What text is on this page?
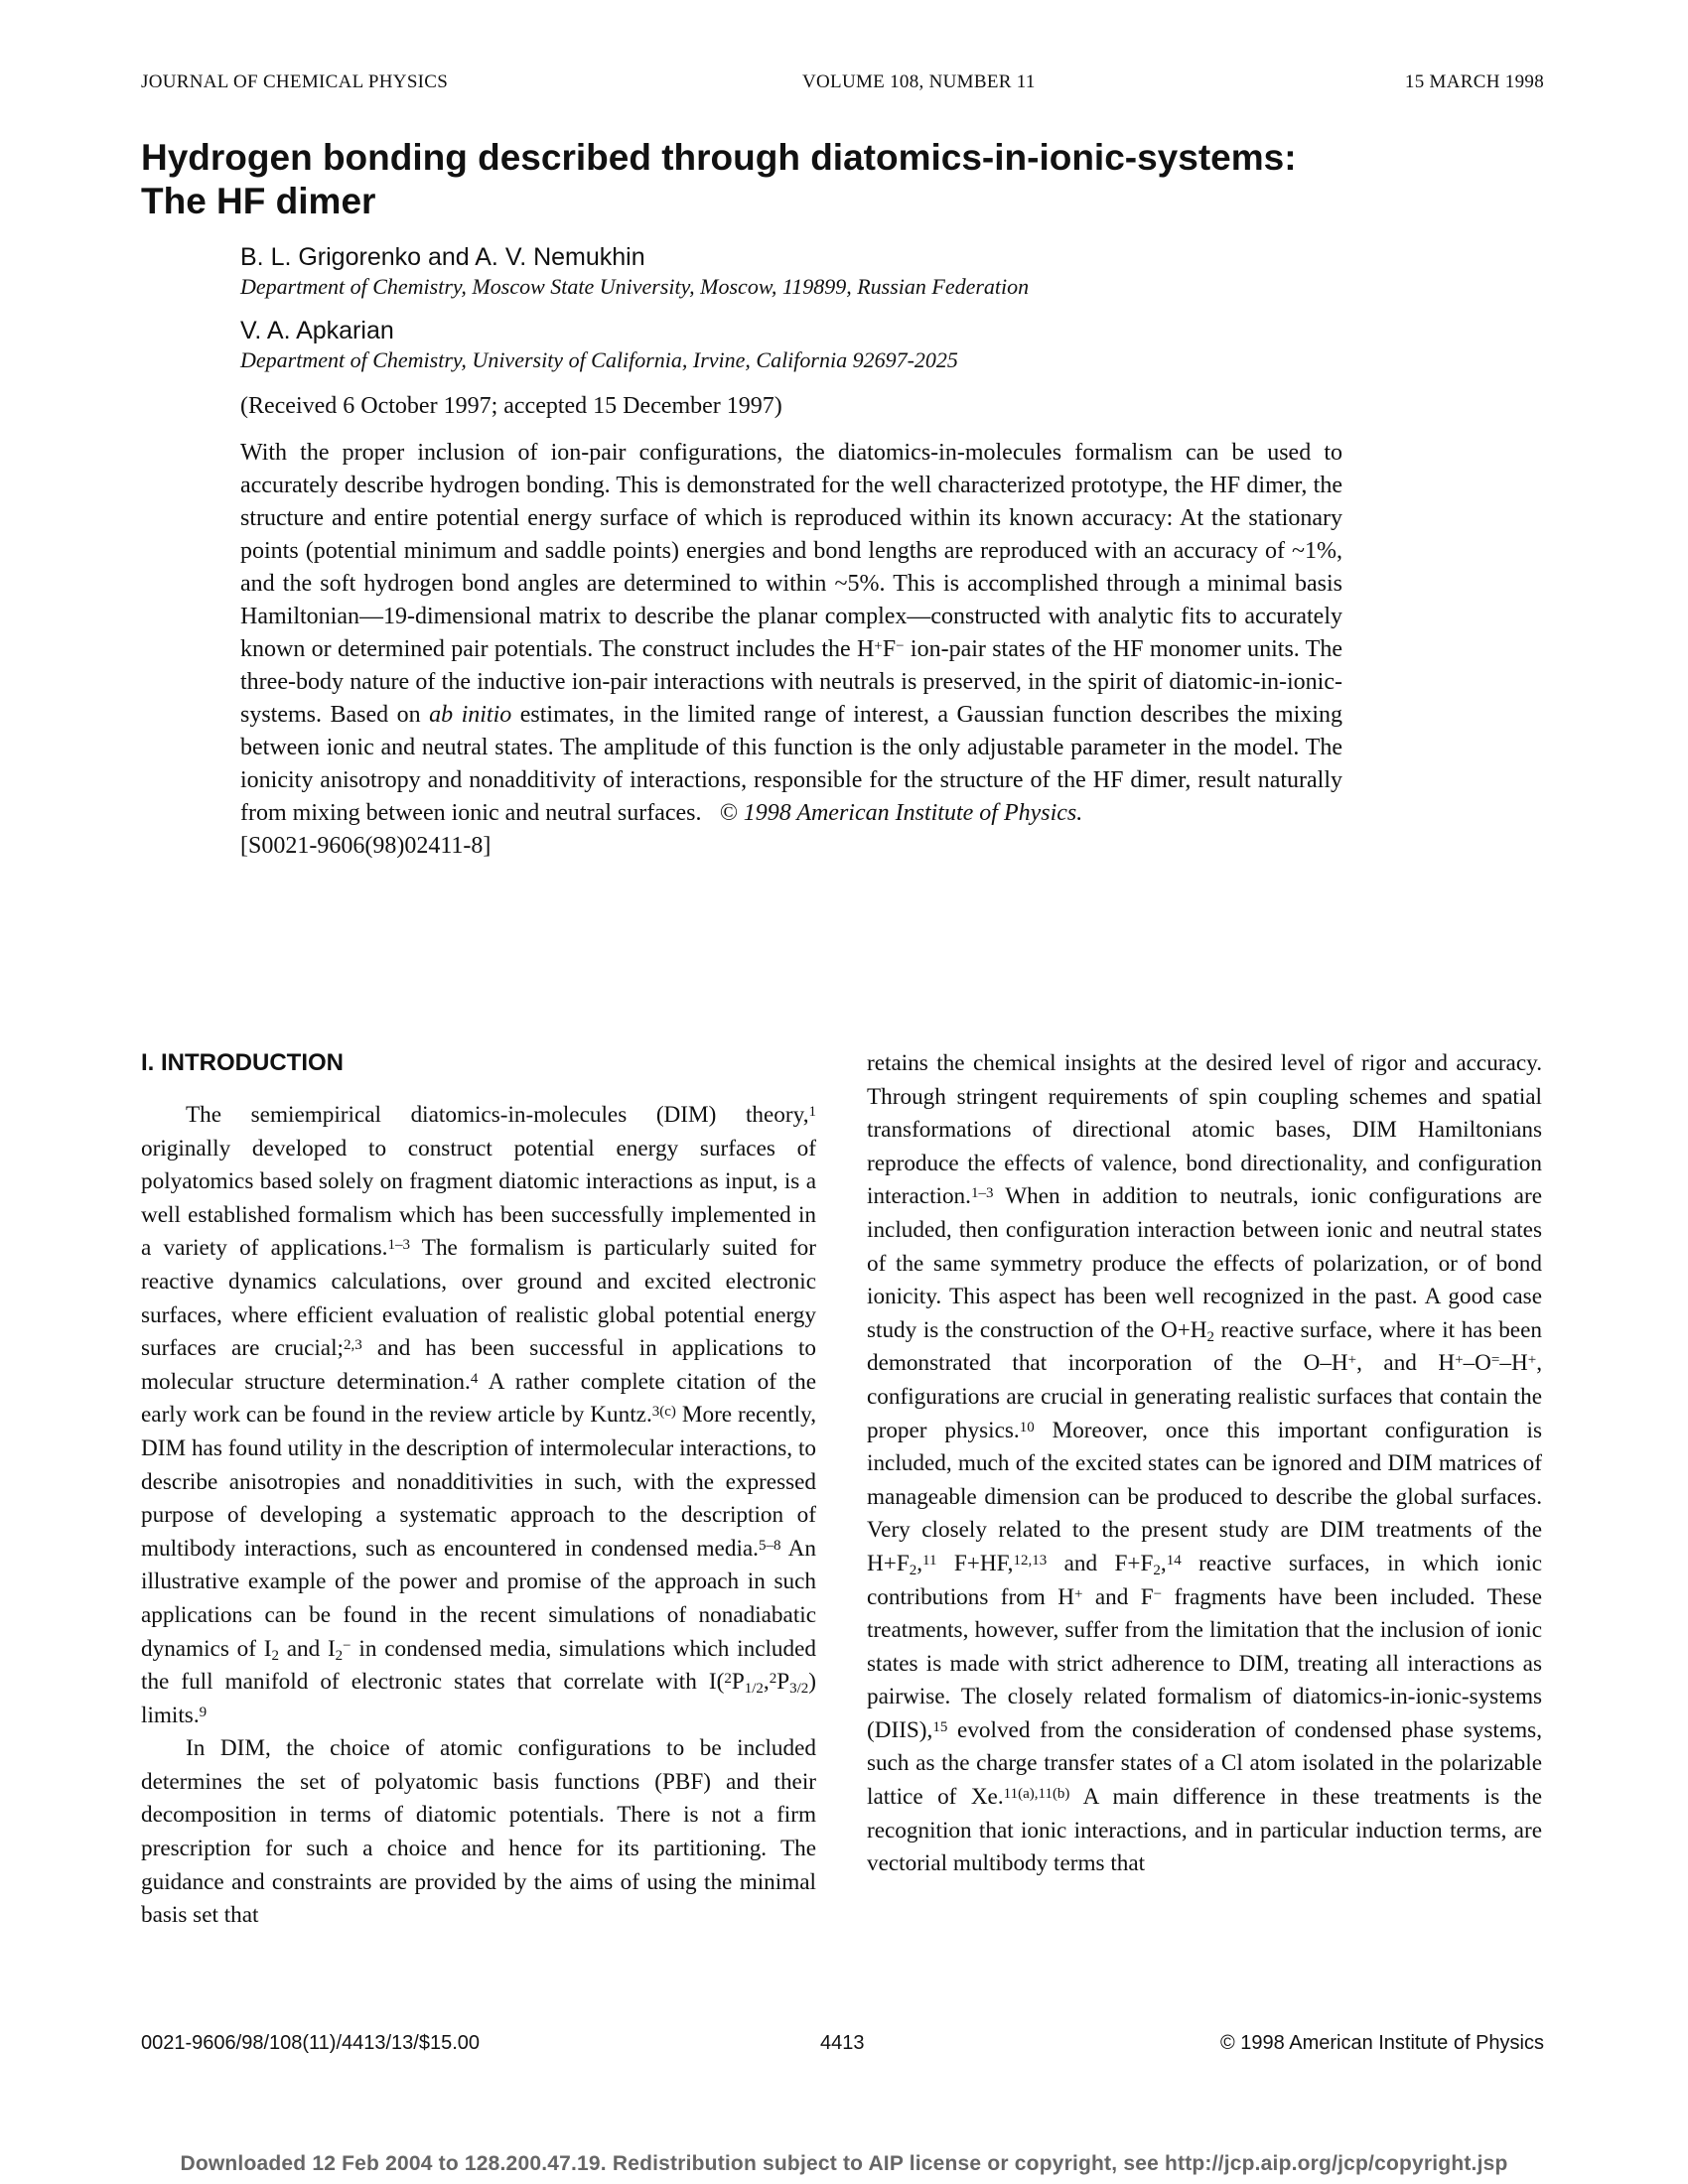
JOURNAL OF CHEMICAL PHYSICS	VOLUME 108, NUMBER 11	15 MARCH 1998
Hydrogen bonding described through diatomics-in-ionic-systems:
The HF dimer
B. L. Grigorenko and A. V. Nemukhin
Department of Chemistry, Moscow State University, Moscow, 119899, Russian Federation
V. A. Apkarian
Department of Chemistry, University of California, Irvine, California 92697-2025
(Received 6 October 1997; accepted 15 December 1997)

With the proper inclusion of ion-pair configurations, the diatomics-in-molecules formalism can be used to accurately describe hydrogen bonding. This is demonstrated for the well characterized prototype, the HF dimer, the structure and entire potential energy surface of which is reproduced within its known accuracy: At the stationary points (potential minimum and saddle points) energies and bond lengths are reproduced with an accuracy of ~1%, and the soft hydrogen bond angles are determined to within ~5%. This is accomplished through a minimal basis Hamiltonian—19-dimensional matrix to describe the planar complex—constructed with analytic fits to accurately known or determined pair potentials. The construct includes the H+F− ion-pair states of the HF monomer units. The three-body nature of the inductive ion-pair interactions with neutrals is preserved, in the spirit of diatomic-in-ionic-systems. Based on ab initio estimates, in the limited range of interest, a Gaussian function describes the mixing between ionic and neutral states. The amplitude of this function is the only adjustable parameter in the model. The ionicity anisotropy and nonadditivity of interactions, responsible for the structure of the HF dimer, result naturally from mixing between ionic and neutral surfaces. © 1998 American Institute of Physics.
[S0021-9606(98)02411-8]

I. INTRODUCTION

The semiempirical diatomics-in-molecules (DIM) theory,$^1$ originally developed to construct potential energy surfaces of polyatomics based solely on fragment diatomic interactions as input, is a well established formalism which has been successfully implemented in a variety of applications.$^{1-3}$ The formalism is particularly suited for reactive dynamics calculations, over ground and excited electronic surfaces, where efficient evaluation of realistic global potential energy surfaces are crucial;$^{2,3}$ and has been successful in applications to molecular structure determination.$^4$ A rather complete citation of the early work can be found in the review article by Kuntz.$^{3(c)}$ More recently, DIM has found utility in the description of intermolecular interactions, to describe anisotropies and nonadditivities in such, with the expressed purpose of developing a systematic approach to the description of multibody interactions, such as encountered in condensed media.$^{5-8}$ An illustrative example of the power and promise of the approach in such applications can be found in the recent simulations of nonadiabatic dynamics of $I_2$ and $I_2^-$ in condensed media, simulations which included the full manifold of electronic states that correlate with $I(^2P_{1/2},^2P_{3/2})$ limits.$^9$

In DIM, the choice of atomic configurations to be included determines the set of polyatomic basis functions (PBF) and their decomposition in terms of diatomic potentials. There is not a firm prescription for such a choice and hence for its partitioning. The guidance and constraints are provided by the aims of using the minimal basis set that

retains the chemical insights at the desired level of rigor and accuracy. Through stringent requirements of spin coupling schemes and spatial transformations of directional atomic bases, DIM Hamiltonians reproduce the effects of valence, bond directionality, and configuration interaction.$^{1-3}$ When in addition to neutrals, ionic configurations are included, then configuration interaction between ionic and neutral states of the same symmetry produce the effects of polarization, or of bond ionicity. This aspect has been well recognized in the past. A good case study is the construction of the $O+H_2$ reactive surface, where it has been demonstrated that incorporation of the O–H+, and H+–O=–H+, configurations are crucial in generating realistic surfaces that contain the proper physics.$^{10}$ Moreover, once this important configuration is included, much of the excited states can be ignored and DIM matrices of manageable dimension can be produced to describe the global surfaces. Very closely related to the present study are DIM treatments of the $H+F_2,^{11}$ F+HF,$^{12,13}$ and $F+F_2,^{14}$ reactive surfaces, in which ionic contributions from H+ and F− fragments have been included. These treatments, however, suffer from the limitation that the inclusion of ionic states is made with strict adherence to DIM, treating all interactions as pairwise. The closely related formalism of diatomics-in-ionic-systems (DIIS),$^{15}$ evolved from the consideration of condensed phase systems, such as the charge transfer states of a Cl atom isolated in the polarizable lattice of Xe.$^{11(a),11(b)}$ A main difference in these treatments is the recognition that ionic interactions, and in particular induction terms, are vectorial multibody terms that

0021-9606/98/108(11)/4413/13/$15.00	4413	© 1998 American Institute of Physics
Downloaded 12 Feb 2004 to 128.200.47.19. Redistribution subject to AIP license or copyright, see http://jcp.aip.org/jcp/copyright.jsp
